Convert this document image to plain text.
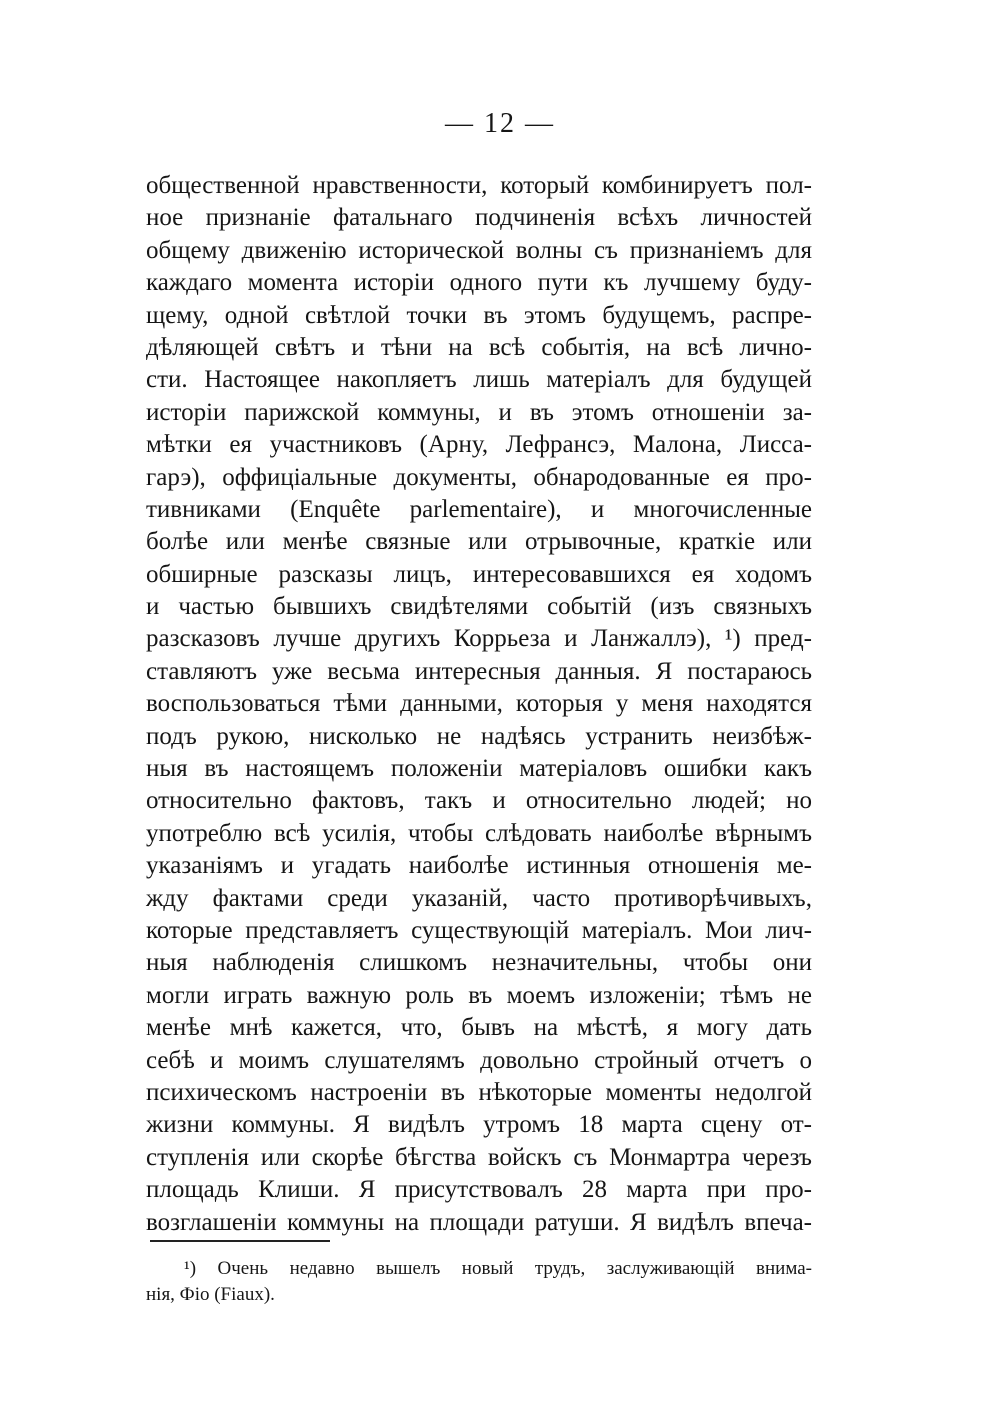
— 12 —
общественной нравственности, который комбинируетъ пол-
ное признаніе фатальнаго подчиненія всѣхъ личностей
общему движенію исторической волны съ признаніемъ для
каждаго момента исторіи одного пути къ лучшему буду-
щему, одной свѣтлой точки въ этомъ будущемъ, распре-
дѣляющей свѣтъ и тѣни на всѣ событія, на всѣ лично-
сти. Настоящее накопляетъ лишь матеріалъ для будущей
исторіи парижской коммуны, и въ этомъ отношеніи за-
мѣтки ея участниковъ (Арну, Лефрансэ, Малона, Лисса-
гарэ), оффиціальные документы, обнародованные ея про-
тивниками (Enquête parlementaire), и многочисленные
болѣе или менѣе связные или отрывочные, краткіе или
обширные разсказы лицъ, интересовавшихся ея ходомъ
и частью бывшихъ свидѣтелями событій (изъ связныхъ
разсказовъ лучше другихъ Коррьеза и Ланжаллэ), ¹) пред-
ставляютъ уже весьма интересныя данныя. Я постараюсь
воспользоваться тѣми данными, которыя у меня находятся
подъ рукою, нисколько не надѣясь устранить неизбѣж-
ныя въ настоящемъ положеніи матеріаловъ ошибки какъ
относительно фактовъ, такъ и относительно людей; но
употреблю всѣ усилія, чтобы слѣдовать наиболѣе вѣрнымъ
указаніямъ и угадать наиболѣе истинныя отношенія ме-
жду фактами среди указаній, часто противорѣчивыхъ,
которые представляетъ существующій матеріалъ. Мои лич-
ныя наблюденія слишкомъ незначительны, чтобы они
могли играть важную роль въ моемъ изложеніи; тѣмъ не
менѣе мнѣ кажется, что, бывъ на мѣстѣ, я могу дать
себѣ и моимъ слушателямъ довольно стройный отчетъ о
психическомъ настроеніи въ нѣкоторые моменты недолгой
жизни коммуны. Я видѣлъ утромъ 18 марта сцену от-
ступленія или скорѣе бѣгства войскъ съ Монмартра черезъ
площадь Клиши. Я присутствовалъ 28 марта при про-
возглашеніи коммуны на площади ратуши. Я видѣлъ впеча-
¹) Очень недавно вышелъ новый трудъ, заслуживающій внима-
нія, Фіо (Fiaux).
